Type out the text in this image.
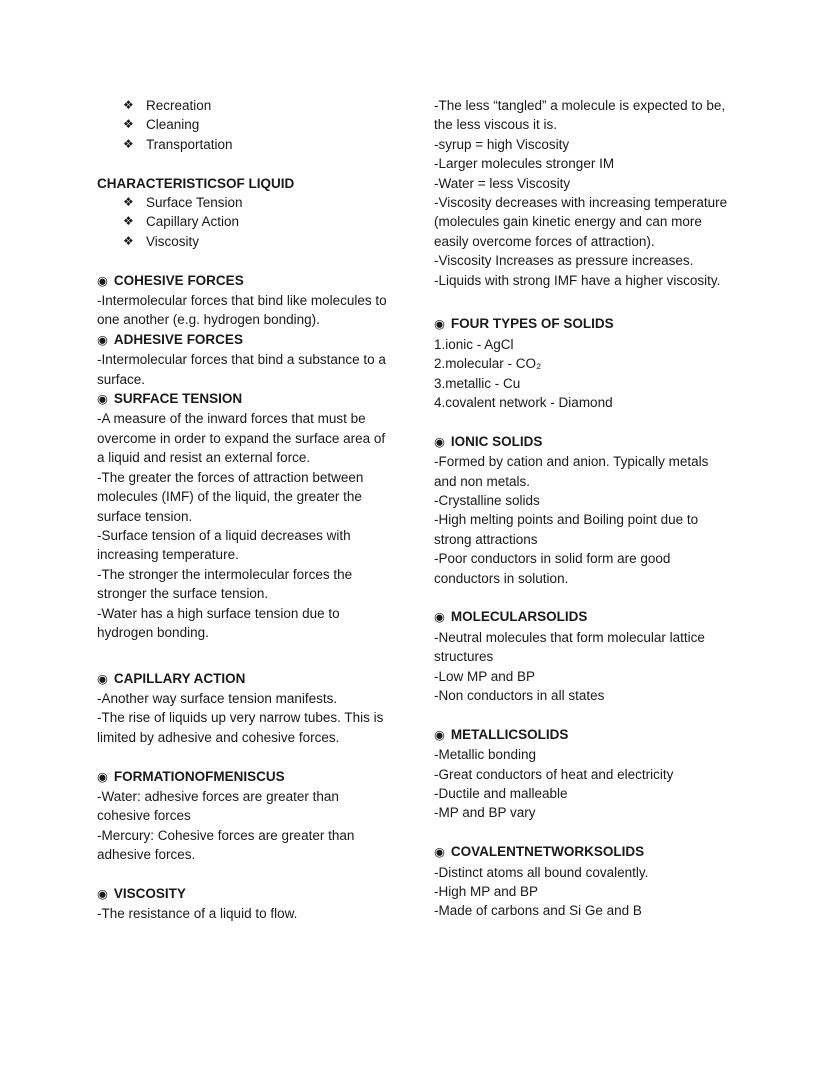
❖ Recreation
❖ Cleaning
❖ Transportation
CHARACTERISTICSOF LIQUID
❖ Surface Tension
❖ Capillary Action
❖ Viscosity
◉ COHESIVE FORCES
-Intermolecular forces that bind like molecules to one another (e.g. hydrogen bonding).
◉ ADHESIVE FORCES
-Intermolecular forces that bind a substance to a surface.
◉ SURFACE TENSION
-A measure of the inward forces that must be overcome in order to expand the surface area of a liquid and resist an external force.
-The greater the forces of attraction between molecules (IMF) of the liquid, the greater the surface tension.
-Surface tension of a liquid decreases with increasing temperature.
-The stronger the intermolecular forces the stronger the surface tension.
-Water has a high surface tension due to hydrogen bonding.
◉ CAPILLARY ACTION
-Another way surface tension manifests.
-The rise of liquids up very narrow tubes. This is limited by adhesive and cohesive forces.
◉ FORMATIONOFMENISCUS
-Water: adhesive forces are greater than cohesive forces
-Mercury: Cohesive forces are greater than adhesive forces.
◉ VISCOSITY
-The resistance of a liquid to flow.
-The less “tangled” a molecule is expected to be, the less viscous it is.
-syrup = high Viscosity
-Larger molecules stronger IM
-Water = less Viscosity
-Viscosity decreases with increasing temperature (molecules gain kinetic energy and can more easily overcome forces of attraction).
-Viscosity Increases as pressure increases.
-Liquids with strong IMF have a higher viscosity.
◉ FOUR TYPES OF SOLIDS
1.ionic - AgCl
2.molecular - CO₂
3.metallic - Cu
4.covalent network - Diamond
◉ IONIC SOLIDS
-Formed by cation and anion. Typically metals and non metals.
-Crystalline solids
-High melting points and Boiling point due to strong attractions
-Poor conductors in solid form are good conductors in solution.
◉ MOLECULARSOLIDS
-Neutral molecules that form molecular lattice structures
-Low MP and BP
-Non conductors in all states
◉ METALLICSOLIDS
-Metallic bonding
-Great conductors of heat and electricity
-Ductile and malleable
-MP and BP vary
◉ COVALENTNETWORKSOLIDS
-Distinct atoms all bound covalently.
-High MP and BP
-Made of carbons and Si Ge and B
